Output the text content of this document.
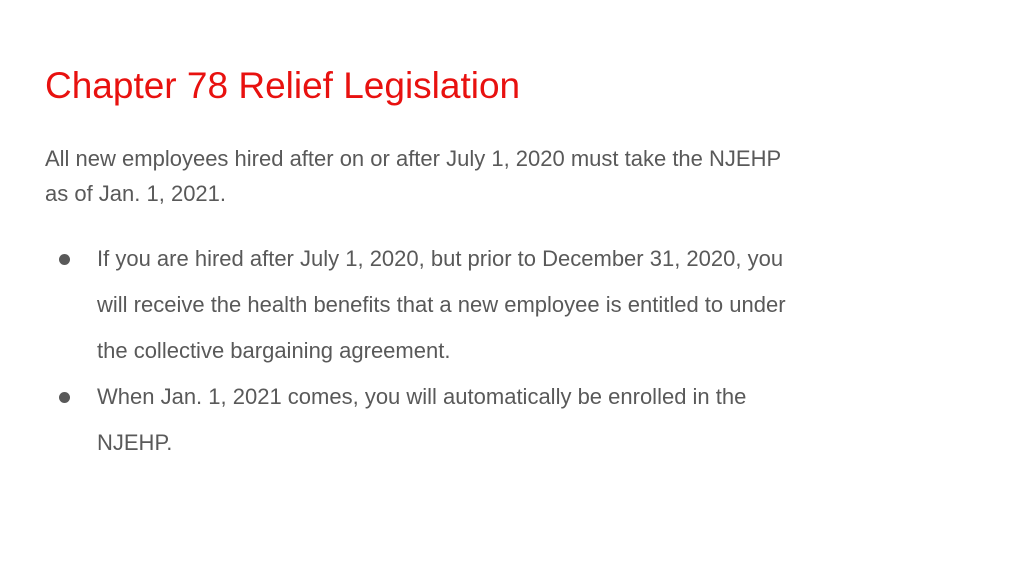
Chapter 78 Relief Legislation

All new employees hired after on or after July 1, 2020 must take the NJEHP
as of Jan. 1, 2021.

If you are hired after July 1, 2020, but prior to December 31, 2020, you
will receive the health benefits that a new employee is entitled to under
the collective bargaining agreement.
When Jan. 1, 2021 comes, you will automatically be enrolled in the
NJEHP.
